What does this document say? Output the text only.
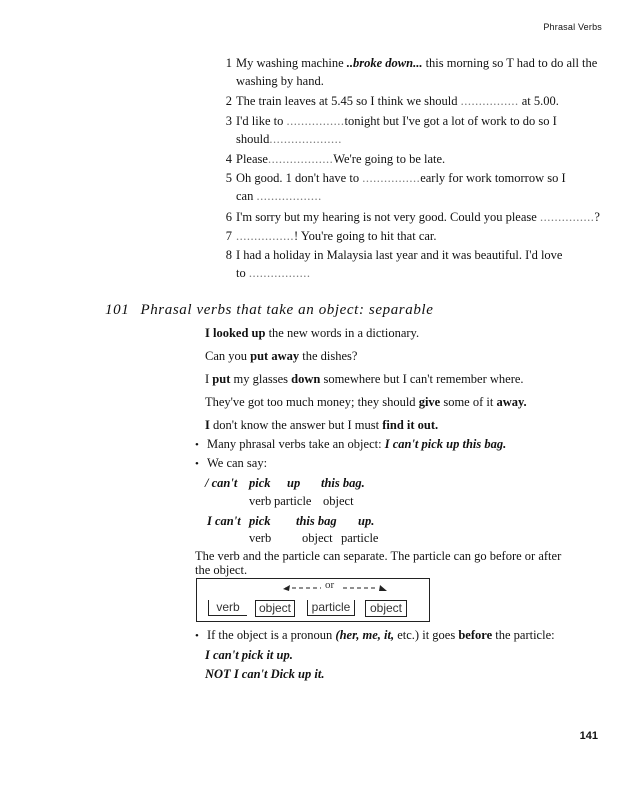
Phrasal Verbs
1 My washing machine ..broke down... this morning so T had to do all the
washing by hand.
2 The train leaves at 5.45 so I think we should ................ at 5.00.
3 I'd like to ................tonight but I've got a lot of work to do so I
should....................
4 Please..................We're going to be late.
5 Oh good. 1 don't have to ................early for work tomorrow so I
can ..................
6 I'm sorry but my hearing is not very good. Could you please ...............?
7 ................! You're going to hit that car.
8 I had a holiday in Malaysia last year and it was beautiful. I'd love
to .................
101 Phrasal verbs that take an object: separable
I looked up the new words in a dictionary.
Can you put away the dishes?
I put my glasses down somewhere but I can't remember where.
They've got too much money; they should give some of it away.
I don't know the answer but I must find it out.
• Many phrasal verbs take an object: I can't pick up this bag.
• We can say:
/ can't pick up this bag.
verb particle object
I can't pick this bag up.
verb object particle
The verb and the particle can separate. The particle can go before or after
the object.
or
verb	object	particle	object
• If the object is a pronoun (her, me, it, etc.) it goes before the particle:
I can't pick it up.
NOT I can't Dick up it.
141
